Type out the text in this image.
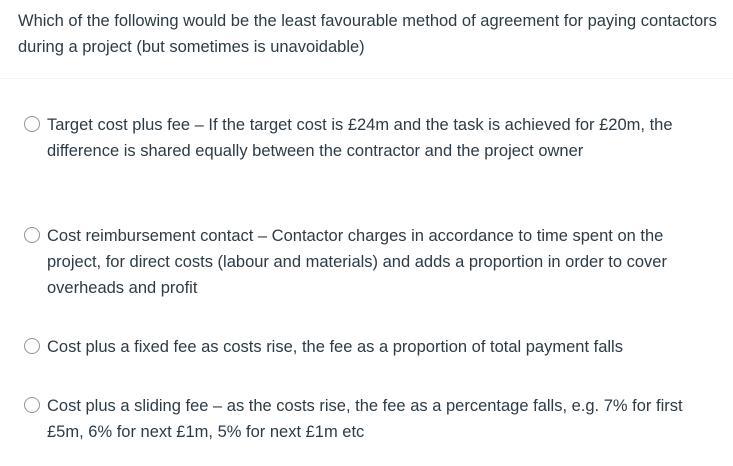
Which of the following would be the least favourable method of agreement for paying contactors during a project (but sometimes is unavoidable)
Target cost plus fee – If the target cost is £24m and the task is achieved for £20m, the difference is shared equally between the contractor and the project owner
Cost reimbursement contact – Contactor charges in accordance to time spent on the project, for direct costs (labour and materials) and adds a proportion in order to cover overheads and profit
Cost plus a fixed fee as costs rise, the fee as a proportion of total payment falls
Cost plus a sliding fee – as the costs rise, the fee as a percentage falls, e.g. 7% for first £5m, 6% for next £1m, 5% for next £1m etc
